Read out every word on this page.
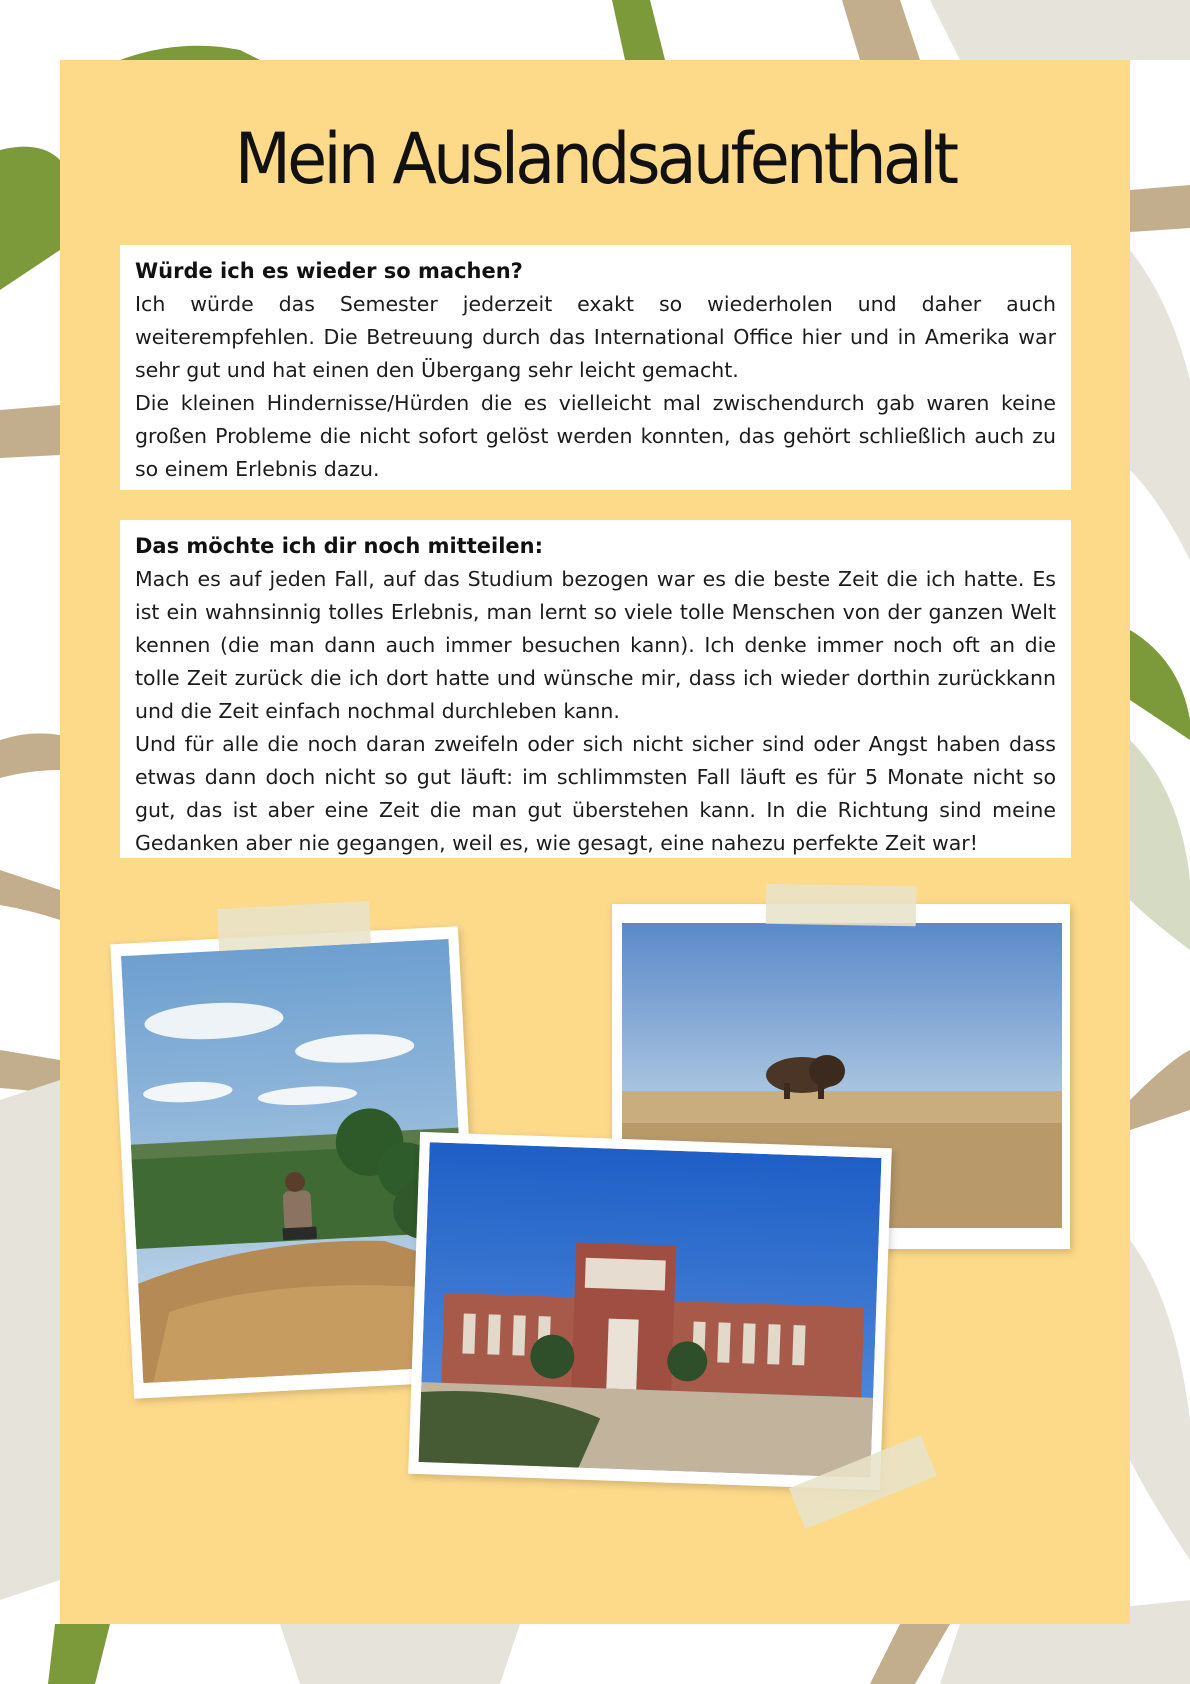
Mein Auslandsaufenthalt
Würde ich es wieder so machen?

Ich würde das Semester jederzeit exakt so wiederholen und daher auch weiterempfehlen. Die Betreuung durch das International Office hier und in Amerika war sehr gut und hat einen den Übergang sehr leicht gemacht.

Die kleinen Hindernisse/Hürden die es vielleicht mal zwischendurch gab waren keine großen Probleme die nicht sofort gelöst werden konnten, das gehört schließlich auch zu so einem Erlebnis dazu.

Das möchte ich dir noch mitteilen:

Mach es auf jeden Fall, auf das Studium bezogen war es die beste Zeit die ich hatte. Es ist ein wahnsinnig tolles Erlebnis, man lernt so viele tolle Menschen von der ganzen Welt kennen (die man dann auch immer besuchen kann). Ich denke immer noch oft an die tolle Zeit zurück die ich dort hatte und wünsche mir, dass ich wieder dorthin zurückkann und die Zeit einfach nochmal durchleben kann.

Und für alle die noch daran zweifeln oder sich nicht sicher sind oder Angst haben dass etwas dann doch nicht so gut läuft: im schlimmsten Fall läuft es für 5 Monate nicht so gut, das ist aber eine Zeit die man gut überstehen kann. In die Richtung sind meine Gedanken aber nie gegangen, weil es, wie gesagt, eine nahezu perfekte Zeit war!
